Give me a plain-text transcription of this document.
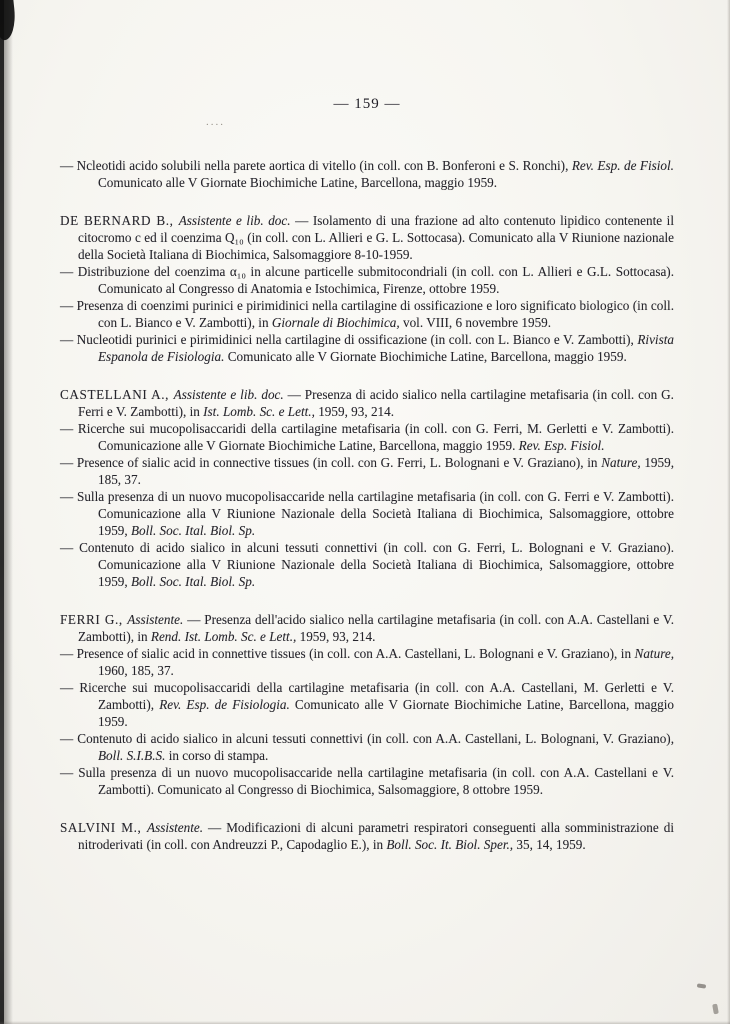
....

— 159 —

— Ncleotidi acido solubili nella parete aortica di vitello (in coll. con B. Bonferoni e S. Ronchi), Rev. Esp. de Fisiol. Comunicato alle V Giornate Biochimiche Latine, Barcellona, maggio 1959.

DE BERNARD B., Assistente e lib. doc. — Isolamento di una frazione ad alto contenuto lipidico contenente il citocromo c ed il coenzima Q₁₀ (in coll. con L. Allieri e G. L. Sottocasa). Comunicato alla V Riunione nazionale della Società Italiana di Biochimica, Salsomaggiore 8-10-1959.

— Distribuzione del coenzima α₁₀ in alcune particelle submitocondriali (in coll. con L. Allieri e G.L. Sottocasa). Comunicato al Congresso di Anatomia e Istochimica, Firenze, ottobre 1959.

— Presenza di coenzimi purinici e pirimidinici nella cartilagine di ossificazione e loro significato biologico (in coll. con L. Bianco e V. Zambotti), in Giornale di Biochimica, vol. VIII, 6 novembre 1959.

— Nucleotidi purinici e pirimidinici nella cartilagine di ossificazione (in coll. con L. Bianco e V. Zambotti), Rivista Espanola de Fisiologia. Comunicato alle V Giornate Biochimiche Latine, Barcellona, maggio 1959.

CASTELLANI A., Assistente e lib. doc. — Presenza di acido sialico nella cartilagine metafisaria (in coll. con G. Ferri e V. Zambotti), in Ist. Lomb. Sc. e Lett., 1959, 93, 214.

— Ricerche sui mucopolisaccaridi della cartilagine metafisaria (in coll. con G. Ferri, M. Gerletti e V. Zambotti). Comunicazione alle V Giornate Biochimiche Latine, Barcellona, maggio 1959. Rev. Esp. Fisiol.

— Presence of sialic acid in connective tissues (in coll. con G. Ferri, L. Bolognani e V. Graziano), in Nature, 1959, 185, 37.

— Sulla presenza di un nuovo mucopolisaccaride nella cartilagine metafisaria (in coll. con G. Ferri e V. Zambotti). Comunicazione alla V Riunione Nazionale della Società Italiana di Biochimica, Salsomaggiore, ottobre 1959, Boll. Soc. Ital. Biol. Sp.

— Contenuto di acido sialico in alcuni tessuti connettivi (in coll. con G. Ferri, L. Bolognani e V. Graziano). Comunicazione alla V Riunione Nazionale della Società Italiana di Biochimica, Salsomaggiore, ottobre 1959, Boll. Soc. Ital. Biol. Sp.

FERRI G., Assistente. — Presenza dell'acido sialico nella cartilagine metafisaria (in coll. con A.A. Castellani e V. Zambotti), in Rend. Ist. Lomb. Sc. e Lett., 1959, 93, 214.

— Presence of sialic acid in connettive tissues (in coll. con A.A. Castellani, L. Bolognani e V. Graziano), in Nature, 1960, 185, 37.

— Ricerche sui mucopolisaccaridi della cartilagine metafisaria (in coll. con A.A. Castellani, M. Gerletti e V. Zambotti), Rev. Esp. de Fisiologia. Comunicato alle V Giornate Biochimiche Latine, Barcellona, maggio 1959.

— Contenuto di acido sialico in alcuni tessuti connettivi (in coll. con A.A. Castellani, L. Bolognani, V. Graziano), Boll. S.I.B.S. in corso di stampa.

— Sulla presenza di un nuovo mucopolisaccaride nella cartilagine metafisaria (in coll. con A.A. Castellani e V. Zambotti). Comunicato al Congresso di Biochimica, Salsomaggiore, 8 ottobre 1959.

SALVINI M., Assistente. — Modificazioni di alcuni parametri respiratori conseguenti alla somministrazione di nitroderivati (in coll. con Andreuzzi P., Capodaglio E.), in Boll. Soc. It. Biol. Sper., 35, 14, 1959.
